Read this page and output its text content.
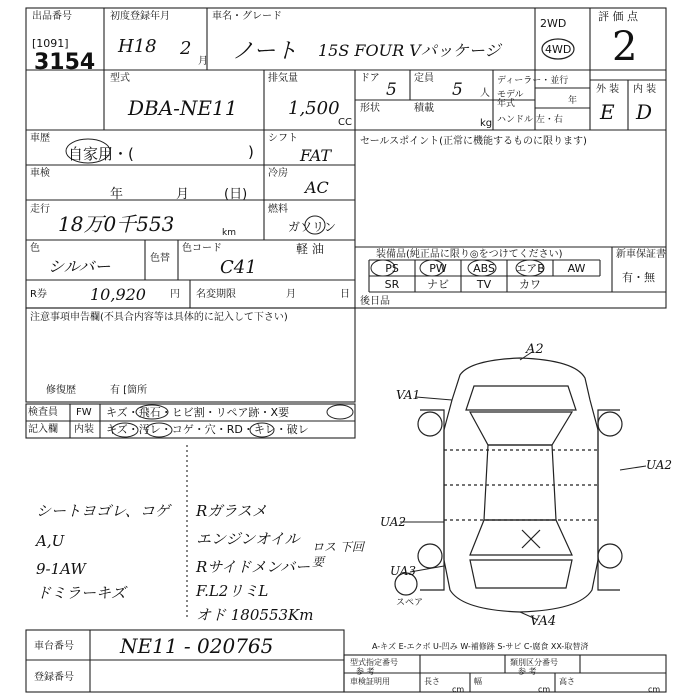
出品番号
[1091]
3154
初度登録年月
H18 2
月
車名・グレード
ノート 15S FOUR Vパッケージ
2WD
4WD
評 価 点
2
型式
DBA-NE11
排気量
1,500
CC
ドア
5
定員
5 人
形状	積載
kg
ディーラー・並行
モデル年式	年
ハンドル 左・右
外 装 内 装
E D
車歴
自家用・(	)
シフト
FAT
車検
年	月	(日)
冷房
AC
走行
18万0千553	km
燃料
ガソリン
軽 油
色
シルバー	色替
色コード
C41
R券	10,920 円 名変期限	月	日
セールスポイント(正常に機能するものに限ります)
装備品(純正品に限り◎をつけてください)	新車保証書
有・無
PS	PW	ABS	エアB	AW
SR	ナビ	TV	カワ
後日品
注意事項申告欄(不具合内容等は具体的に記入して下さい)
修復歴	有 [箇所
検査員
記入欄
FW キズ・飛石・ヒビ割・リペア跡・X要
内装 キズ・汚レ・コゲ・穴・RD・キレ・破レ
シートヨゴレ、コゲ
A,U
9-1AW
ドミラーキズ
Rガラスメ
エンジンオイル
Rサイドメンバー
F.L2リミL
オド 180553Km
ロス 下回要
A2
VA1
UA2
UA2
UA3
VA4
スペア
車台番号 NE11 - 020765
登録番号
A-キズ E-エクボ U-凹み W-補修跡 S-サビ C-腐食 XX-取替済
型式指定番号
参 考
類別区分番号
参 考
車検証明用	長さ	幅	高さ
cm	cm	cm
